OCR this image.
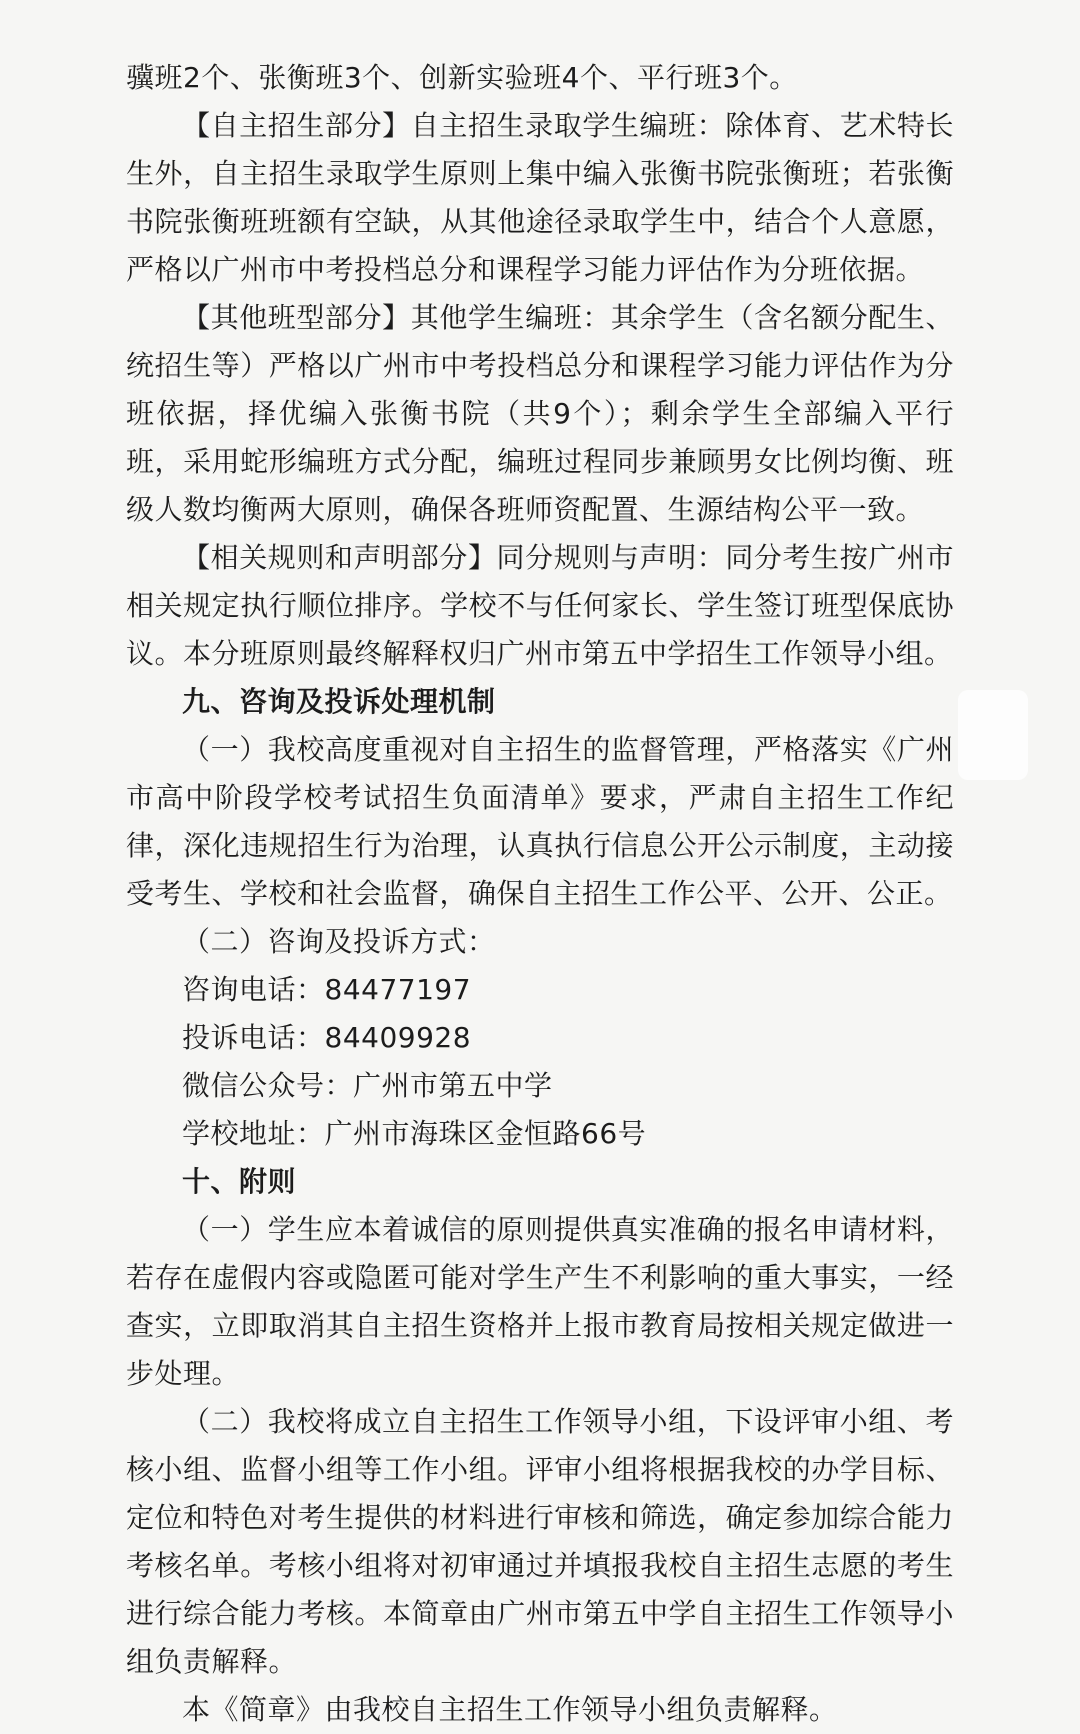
骥班2个、张衡班3个、创新实验班4个、平行班3个。

【自主招生部分】自主招生录取学生编班：除体育、艺术特长生外，自主招生录取学生原则上集中编入张衡书院张衡班；若张衡书院张衡班班额有空缺，从其他途径录取学生中，结合个人意愿，严格以广州市中考投档总分和课程学习能力评估作为分班依据。

【其他班型部分】其他学生编班：其余学生（含名额分配生、统招生等）严格以广州市中考投档总分和课程学习能力评估作为分班依据，择优编入张衡书院（共9个）；剩余学生全部编入平行班，采用蛇形编班方式分配，编班过程同步兼顾男女比例均衡、班级人数均衡两大原则，确保各班师资配置、生源结构公平一致。

【相关规则和声明部分】同分规则与声明：同分考生按广州市相关规定执行顺位排序。学校不与任何家长、学生签订班型保底协议。本分班原则最终解释权归广州市第五中学招生工作领导小组。

九、咨询及投诉处理机制

（一）我校高度重视对自主招生的监督管理，严格落实《广州市高中阶段学校考试招生负面清单》要求，严肃自主招生工作纪律，深化违规招生行为治理，认真执行信息公开公示制度，主动接受考生、学校和社会监督，确保自主招生工作公平、公开、公正。

（二）咨询及投诉方式：

咨询电话：84477197

投诉电话：84409928

微信公众号：广州市第五中学

学校地址：广州市海珠区金恒路66号

十、附则

（一）学生应本着诚信的原则提供真实准确的报名申请材料，若存在虚假内容或隐匿可能对学生产生不利影响的重大事实，一经查实，立即取消其自主招生资格并上报市教育局按相关规定做进一步处理。

（二）我校将成立自主招生工作领导小组，下设评审小组、考核小组、监督小组等工作小组。评审小组将根据我校的办学目标、定位和特色对考生提供的材料进行审核和筛选，确定参加综合能力考核名单。考核小组将对初审通过并填报我校自主招生志愿的考生进行综合能力考核。本简章由广州市第五中学自主招生工作领导小组负责解释。

本《简章》由我校自主招生工作领导小组负责解释。
